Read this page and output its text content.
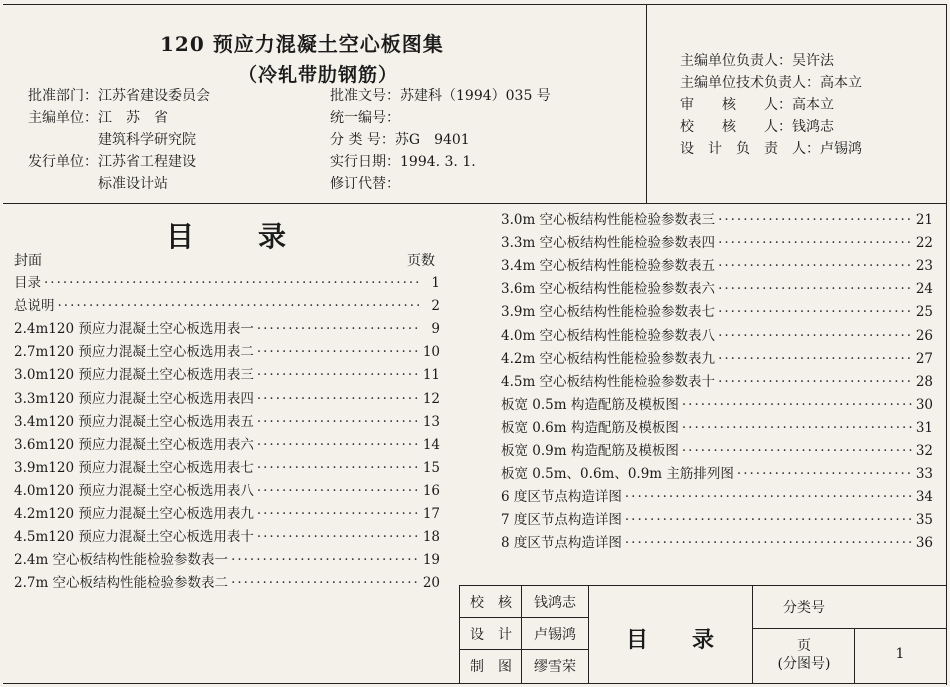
120 预应力混凝土空心板图集
（冷轧带肋钢筋）
批准部门：江苏省建设委员会
主编单位：江　苏　省
建筑科学研究院
发行单位：江苏省工程建设
标准设计站
批准文号：苏建科（1994）035 号
统一编号：
分 类 号：苏G　9401
实行日期：1994. 3. 1.
修订代替：
主编单位负责人：吴许法
主编单位技术负责人：高本立
审　　核　　人：高本立
校　　核　　人：钱鸿志
设　计　负　责　人：卢锡鸿
目 录
封面	页数
目录 ·····	1
总说明 ·····	2
2.4m120 预应力混凝土空心板选用表一 ·····	9
2.7m120 预应力混凝土空心板选用表二 ·····	10
3.0m120 预应力混凝土空心板选用表三 ·····	11
3.3m120 预应力混凝土空心板选用表四 ·····	12
3.4m120 预应力混凝土空心板选用表五 ·····	13
3.6m120 预应力混凝土空心板选用表六 ·····	14
3.9m120 预应力混凝土空心板选用表七 ·····	15
4.0m120 预应力混凝土空心板选用表八 ·····	16
4.2m120 预应力混凝土空心板选用表九 ·····	17
4.5m120 预应力混凝土空心板选用表十 ·····	18
2.4m 空心板结构性能检验参数表一 ·····	19
2.7m 空心板结构性能检验参数表二 ·····	20
3.0m 空心板结构性能检验参数表三 ·····	21
3.3m 空心板结构性能检验参数表四 ·····	22
3.4m 空心板结构性能检验参数表五 ·····	23
3.6m 空心板结构性能检验参数表六 ·····	24
3.9m 空心板结构性能检验参数表七 ·····	25
4.0m 空心板结构性能检验参数表八 ·····	26
4.2m 空心板结构性能检验参数表九 ·····	27
4.5m 空心板结构性能检验参数表十 ·····	28
板宽 0.5m 构造配筋及模板图 ·····	30
板宽 0.6m 构造配筋及模板图 ·····	31
板宽 0.9m 构造配筋及模板图 ·····	32
板宽 0.5m、0.6m、0.9m 主筋排列图 ·····	33
6 度区节点构造详图 ·····	34
7 度区节点构造详图 ·····	35
8 度区节点构造详图 ·····	36
校　核	钱鸿志
设　计	卢锡鸿
制　图	缪雪荣
目　　录
分类号
页
(分图号)
1
